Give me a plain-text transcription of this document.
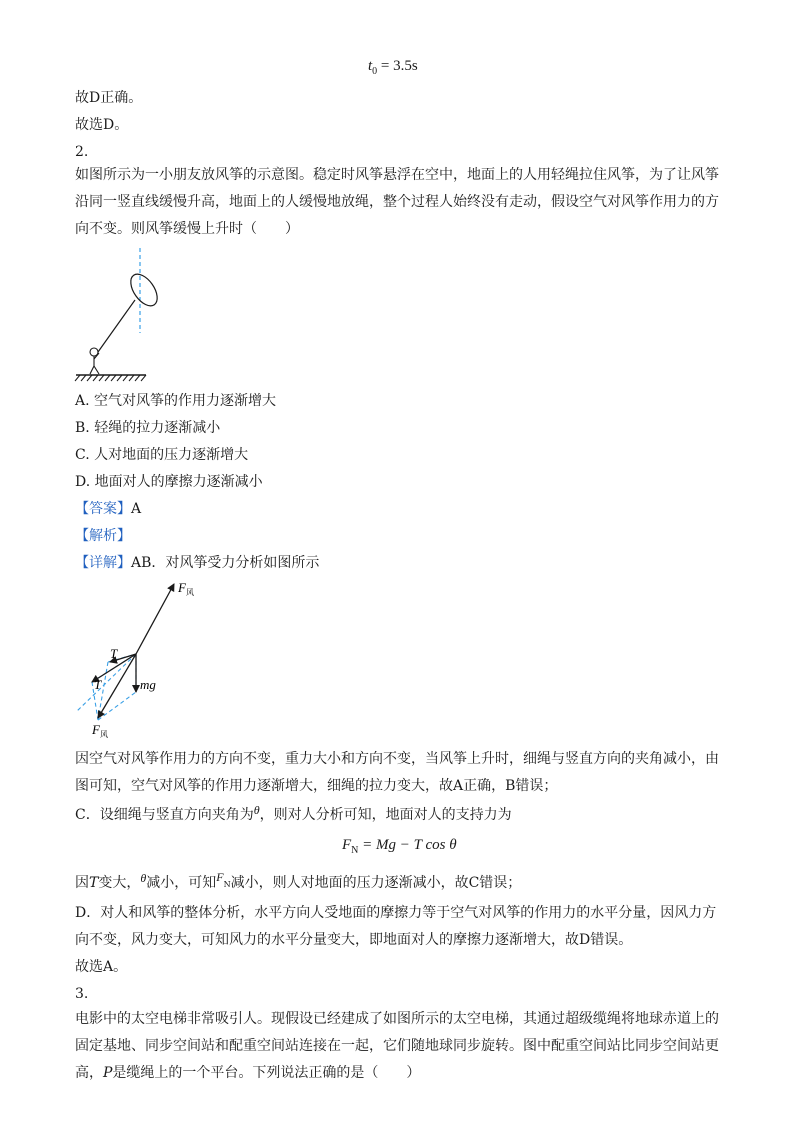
$t_0 = 3.5s$
故D正确。
故选D。
2.
如图所示为一小朋友放风筝的示意图。稳定时风筝悬浮在空中，地面上的人用轻绳拉住风筝，为了让风筝
沿同一竖直线缓慢升高，地面上的人缓慢地放绳，整个过程人始终没有走动，假设空气对风筝作用力的方
向不变。则风筝缓慢上升时（　　）
A. 空气对风筝的作用力逐渐增大
B. 轻绳的拉力逐渐减小
C. 人对地面的压力逐渐增大
D. 地面对人的摩擦力逐渐减小
【答案】A
【解析】
【详解】AB．对风筝受力分析如图所示
$F_风$
T
T	mg
$F_风$
因空气对风筝作用力的方向不变，重力大小和方向不变，当风筝上升时，细绳与竖直方向的夹角减小，由
图可知，空气对风筝的作用力逐渐增大，细绳的拉力变大，故A正确，B错误；
C．设细绳与竖直方向夹角为θ，则对人分析可知，地面对人的支持力为
$F_N = Mg - T$ cos θ
因T变大，θ减小，可知$F_N$减小，则人对地面的压力逐渐减小，故C错误；
D．对人和风筝的整体分析，水平方向人受地面的摩擦力等于空气对风筝的作用力的水平分量，因风力方
向不变，风力变大，可知风力的水平分量变大，即地面对人的摩擦力逐渐增大，故D错误。
故选A。
3.
电影中的太空电梯非常吸引人。现假设已经建成了如图所示的太空电梯，其通过超级缆绳将地球赤道上的
固定基地、同步空间站和配重空间站连接在一起，它们随地球同步旋转。图中配重空间站比同步空间站更
高，P是缆绳上的一个平台。下列说法正确的是（　　）
